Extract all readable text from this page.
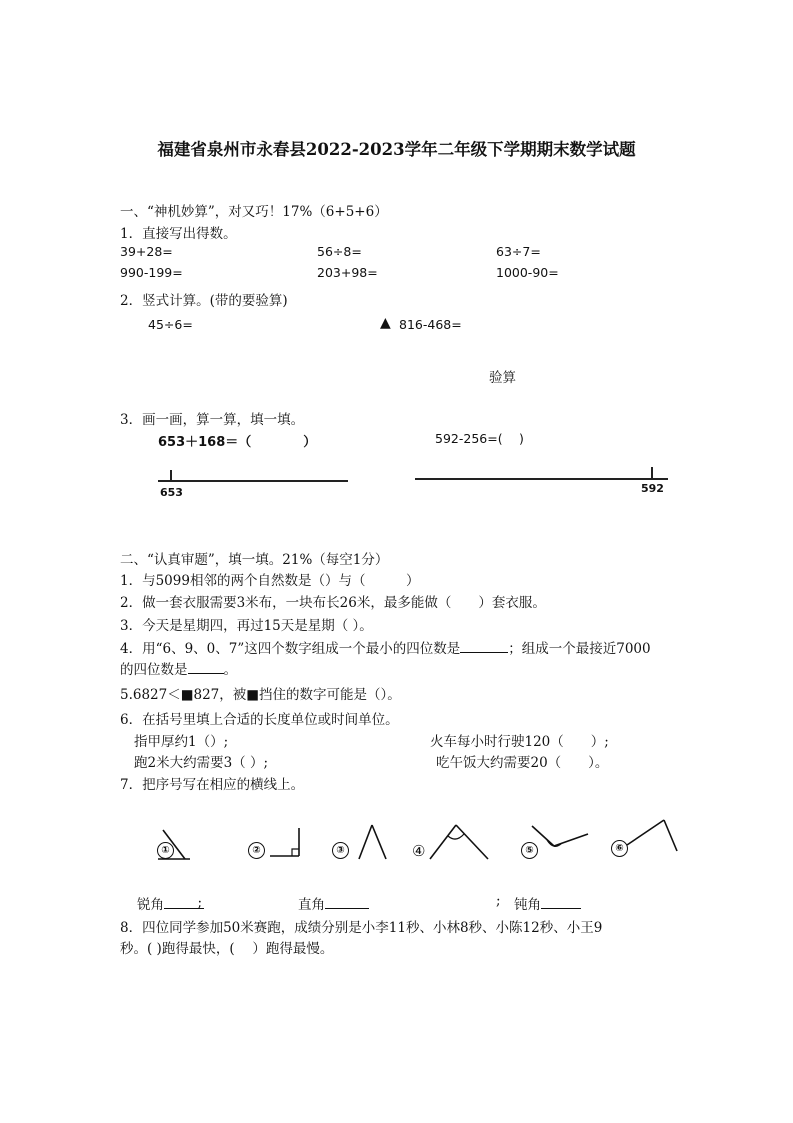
福建省泉州市永春县2022-2023学年二年级下学期期末数学试题
一、“神机妙算”，对又巧！17%（6+5+6）
1．直接写出得数。
39+28=	56÷8=	63÷7=
990-199=	203+98=	1000-90=
2．竖式计算。(带的要验算)
45÷6=	▲ 816-468=
验算
3．画一画，算一算，填一填。
653＋168＝（　　　　）	592-256=(　 )
653	592
二、“认真审题”，填一填。21%（每空1分）
1．与5099相邻的两个自然数是（）与（　　　）
2．做一套衣服需要3米布，一块布长26米，最多能做（　　）套衣服。
3．今天是星期四，再过15天是星期（ ）。
4．用“6、9、0、7”这四个数字组成一个最小的四位数是	；组成一个最接近7000
的四位数是	。
5.6827＜■827，被■挡住的数字可能是（）。
6．在括号里填上合适的长度单位或时间单位。
指甲厚约1（）;	火车每小时行驶120（　　）;
跑2米大约需要3（ ）;	吃午饭大约需要20（　　）。
7．把序号写在相应的横线上。
①	②	③	④	⑤	⑥
锐角 ;	直角	; 钝角
8．四位同学参加50米赛跑，成绩分别是小李11秒、小林8秒、小陈12秒、小王9
秒。( )跑得最快，(　 ）跑得最慢。
